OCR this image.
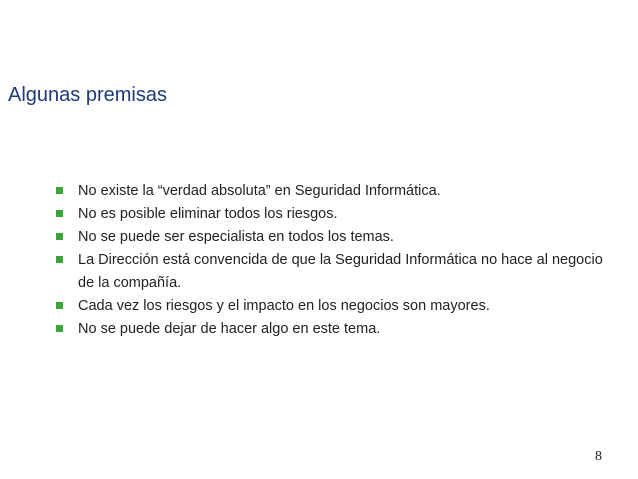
Algunas premisas
No existe la “verdad absoluta” en Seguridad Informática.
No es posible eliminar todos los riesgos.
No se puede ser especialista en todos los temas.
La Dirección está convencida de que la Seguridad Informática no hace al negocio de la compañía.
Cada vez los riesgos y el impacto en los negocios son mayores.
No se puede dejar de hacer algo en este tema.
8
